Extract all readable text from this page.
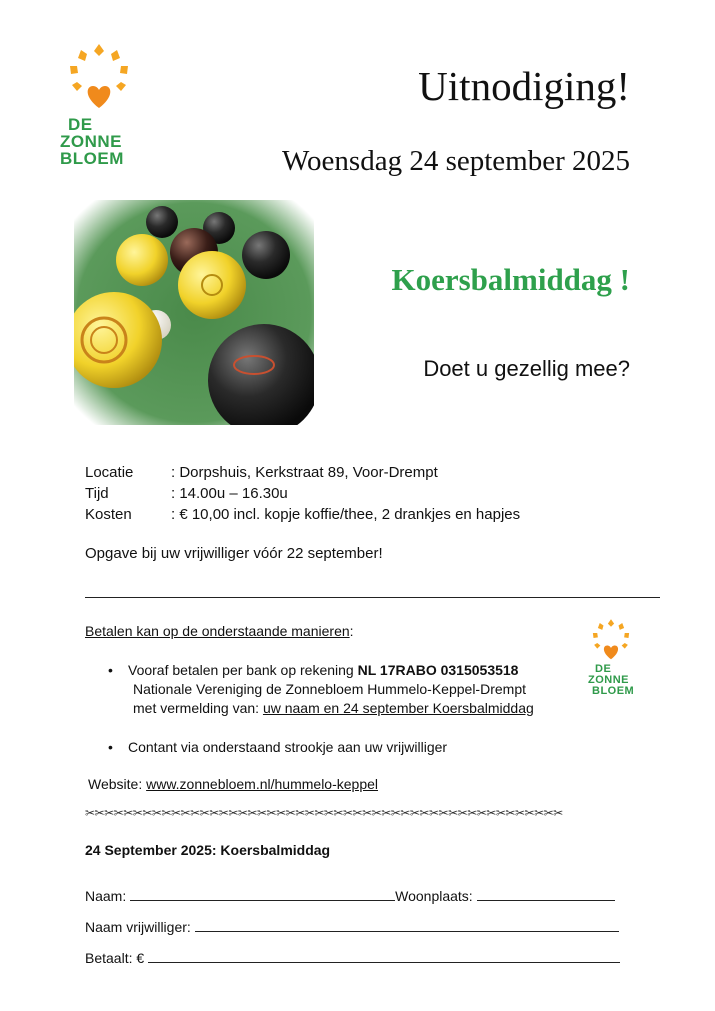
DE
ZONNE
BLOEM
Uitnodiging!
Woensdag 24 september 2025
Koersbalmiddag !
Doet u gezellig mee?
Locatie	: Dorpshuis, Kerkstraat 89, Voor-Drempt
Tijd	: 14.00u – 16.30u
Kosten	: € 10,00 incl. kopje koffie/thee, 2 drankjes en hapjes
Opgave bij uw vrijwilliger vóór 22 september!
Betalen kan op de onderstaande manieren:
DE
ZONNE
BLOEM
• Vooraf betalen per bank op rekening NL 17RABO 0315053518
Nationale Vereniging de Zonnebloem Hummelo-Keppel-Drempt
met vermelding van: uw naam en 24 september Koersbalmiddag
• Contant via onderstaand strookje aan uw vrijwilliger
Website: www.zonnebloem.nl/hummelo-keppel
✂✂✂✂✂✂✂✂✂✂✂✂✂✂✂✂✂✂✂✂✂✂✂✂✂✂✂✂✂✂✂✂✂✂✂✂✂✂✂✂✂✂✂✂✂✂✂✂✂✂
24 September 2025: Koersbalmiddag
Naam:	Woonplaats:
Naam vrijwilliger:
Betaalt: €
